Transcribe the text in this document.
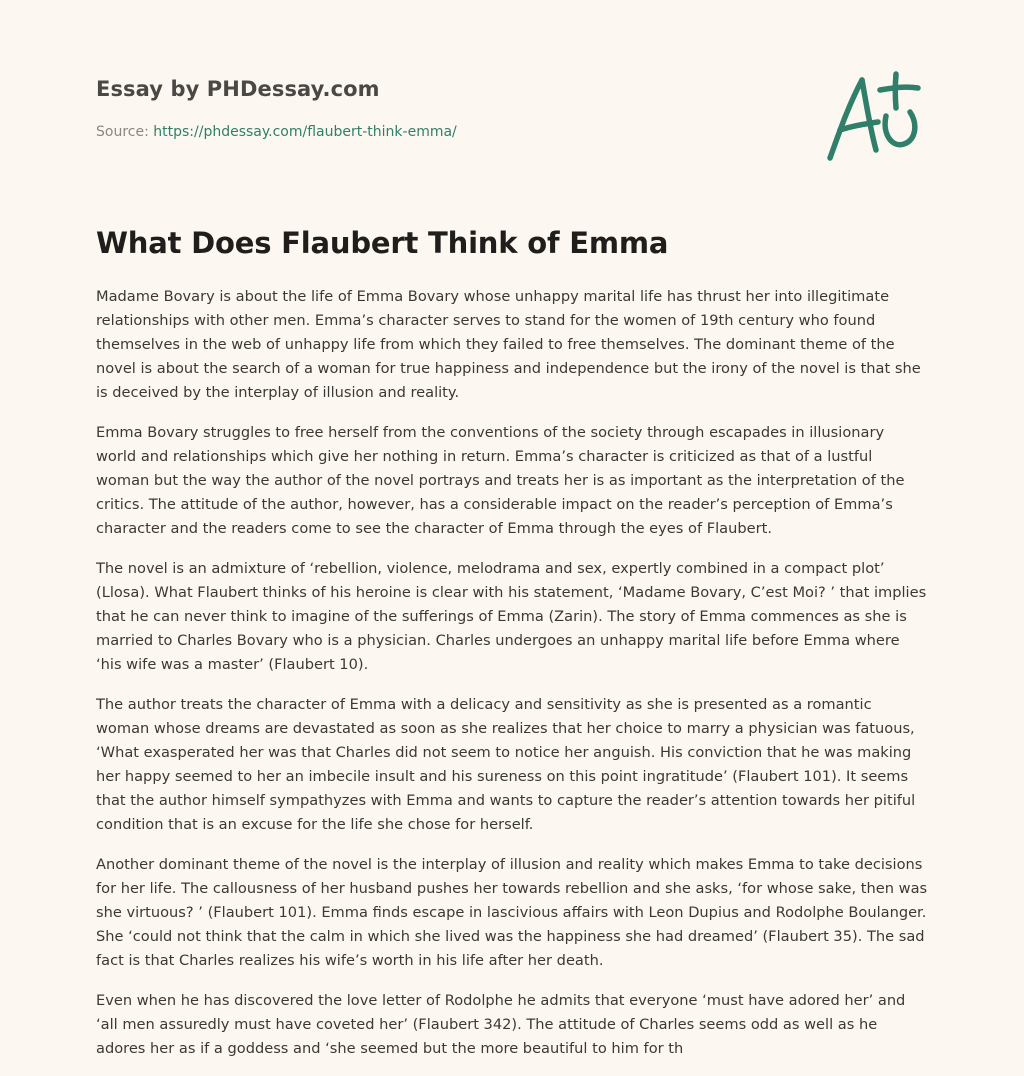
Essay by PHDessay.com
Source: https://phdessay.com/flaubert-think-emma/
What Does Flaubert Think of Emma

Madame Bovary is about the life of Emma Bovary whose unhappy marital life has thrust her into illegitimate relationships with other men. Emma’s character serves to stand for the women of 19th century who found themselves in the web of unhappy life from which they failed to free themselves. The dominant theme of the novel is about the search of a woman for true happiness and independence but the irony of the novel is that she is deceived by the interplay of illusion and reality.

Emma Bovary struggles to free herself from the conventions of the society through escapades in illusionary world and relationships which give her nothing in return. Emma’s character is criticized as that of a lustful woman but the way the author of the novel portrays and treats her is as important as the interpretation of the critics. The attitude of the author, however, has a considerable impact on the reader’s perception of Emma’s character and the readers come to see the character of Emma through the eyes of Flaubert.

The novel is an admixture of ‘rebellion, violence, melodrama and sex, expertly combined in a compact plot’ (Llosa). What Flaubert thinks of his heroine is clear with his statement, ‘Madame Bovary, C’est Moi? ’ that implies that he can never think to imagine of the sufferings of Emma (Zarin). The story of Emma commences as she is married to Charles Bovary who is a physician. Charles undergoes an unhappy marital life before Emma where ‘his wife was a master’ (Flaubert 10).

The author treats the character of Emma with a delicacy and sensitivity as she is presented as a romantic woman whose dreams are devastated as soon as she realizes that her choice to marry a physician was fatuous, ‘What exasperated her was that Charles did not seem to notice her anguish. His conviction that he was making her happy seemed to her an imbecile insult and his sureness on this point ingratitude’ (Flaubert 101). It seems that the author himself sympathyzes with Emma and wants to capture the reader’s attention towards her pitiful condition that is an excuse for the life she chose for herself.

Another dominant theme of the novel is the interplay of illusion and reality which makes Emma to take decisions for her life. The callousness of her husband pushes her towards rebellion and she asks, ‘for whose sake, then was she virtuous? ’ (Flaubert 101). Emma finds escape in lascivious affairs with Leon Dupius and Rodolphe Boulanger. She ‘could not think that the calm in which she lived was the happiness she had dreamed’ (Flaubert 35). The sad fact is that Charles realizes his wife’s worth in his life after her death.

Even when he has discovered the love letter of Rodolphe he admits that everyone ‘must have adored her’ and ‘all men assuredly must have coveted her’ (Flaubert 342). The attitude of Charles seems odd as well as he adores her as if a goddess and ‘she seemed but the more beautiful to him for th
